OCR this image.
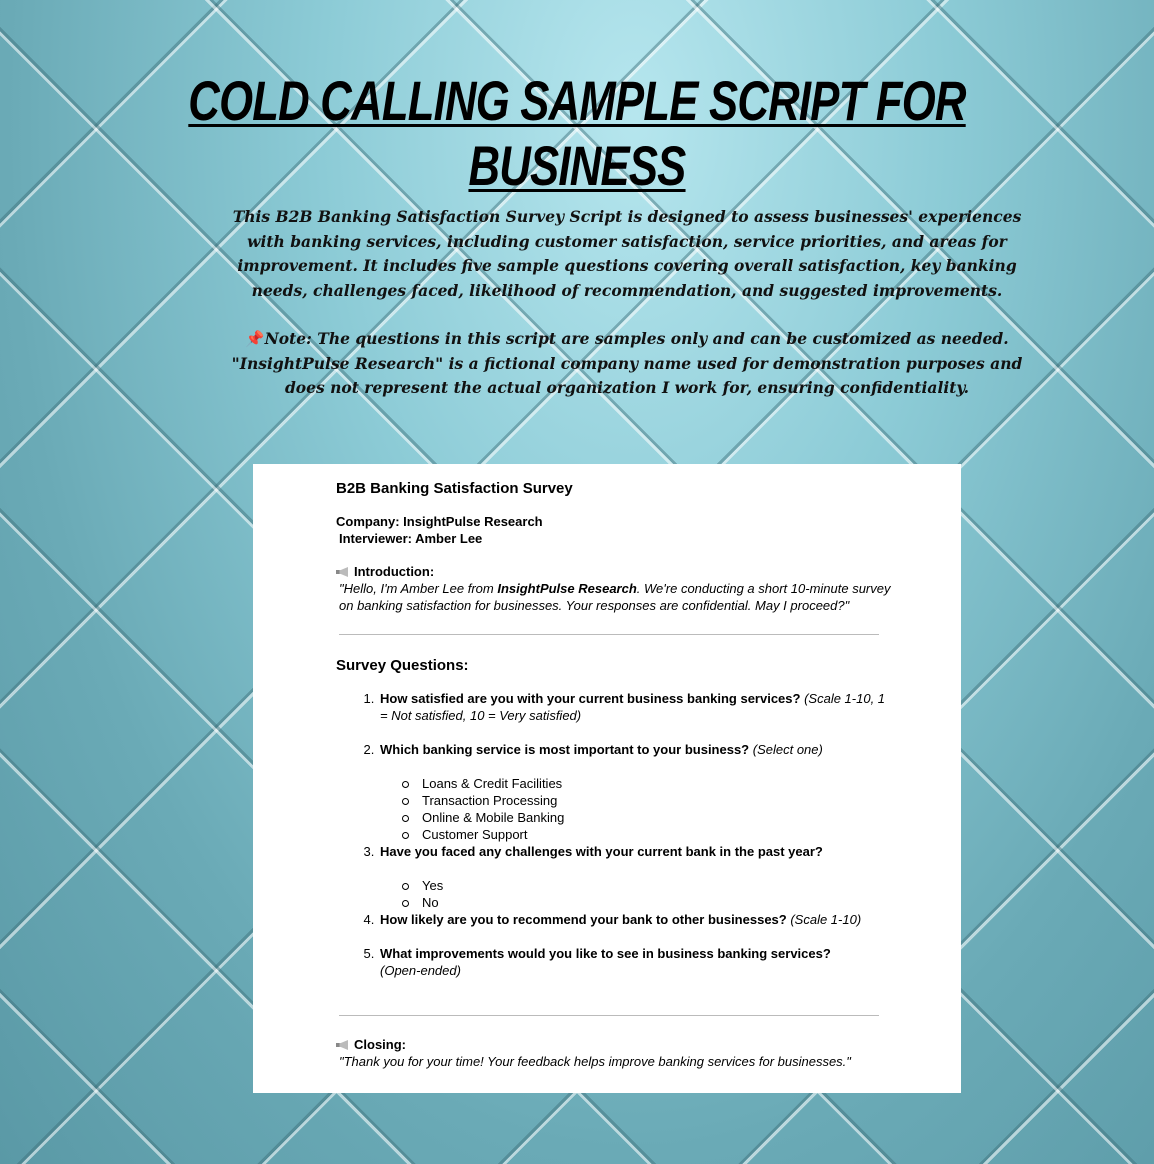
COLD CALLING SAMPLE SCRIPT FOR BUSINESS

This B2B Banking Satisfaction Survey Script is designed to assess businesses' experiences with banking services, including customer satisfaction, service priorities, and areas for improvement. It includes five sample questions covering overall satisfaction, key banking needs, challenges faced, likelihood of recommendation, and suggested improvements.

📌Note: The questions in this script are samples only and can be customized as needed. "InsightPulse Research" is a fictional company name used for demonstration purposes and does not represent the actual organization I work for, ensuring confidentiality.

B2B Banking Satisfaction Survey
Company: InsightPulse Research
Interviewer: Amber Lee
Introduction:
"Hello, I'm Amber Lee from InsightPulse Research. We're conducting a short 10-minute survey on banking satisfaction for businesses. Your responses are confidential. May I proceed?"
Survey Questions:
1. How satisfied are you with your current business banking services? (Scale 1-10, 1 = Not satisfied, 10 = Very satisfied)
2. Which banking service is most important to your business? (Select one)
Loans & Credit Facilities
Transaction Processing
Online & Mobile Banking
Customer Support
3. Have you faced any challenges with your current bank in the past year?
Yes
No
4. How likely are you to recommend your bank to other businesses? (Scale 1-10)
5. What improvements would you like to see in business banking services?
(Open-ended)
Closing:
"Thank you for your time! Your feedback helps improve banking services for businesses."
